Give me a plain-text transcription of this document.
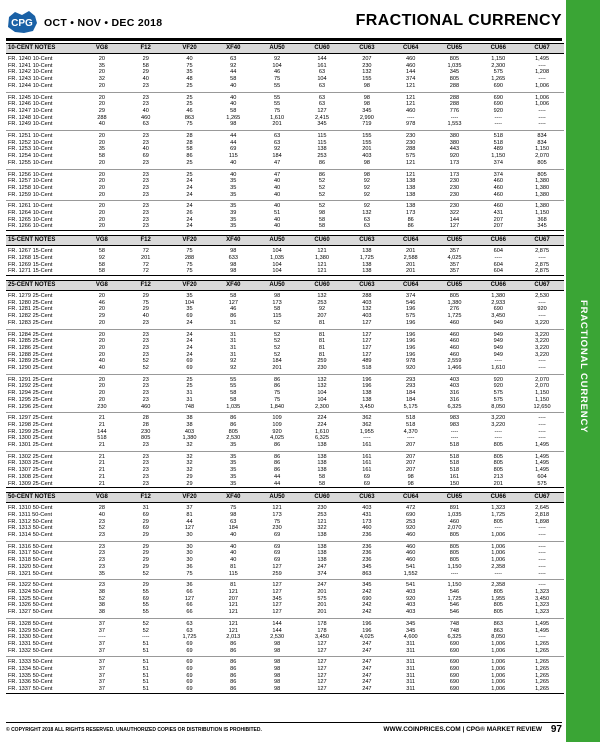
CPG OCT • NOV • DEC 2018	FRACTIONAL CURRENCY
10-CENT NOTES	VG8	F12	VF20	XF40	AU50	CU60	CU63	CU64	CU65	CU66	CU67
FR. 1240 10-Cent	20	29	40	63	92	144	207	460	805	1,150	1,495
FR. 1241 10-Cent	35	58	75	92	104	161	230	460	1,035	2,300	----
FR. 1242 10-Cent	20	29	35	44	46	63	132	144	345	575	1,208
FR. 1243 10-Cent	32	40	48	58	75	104	155	374	805	1,265	----
FR. 1244 10-Cent	20	23	25	40	55	63	98	121	288	690	1,006
FR. 1245 10-Cent	20	23	25	40	55	63	98	121	288	690	1,006
FR. 1246 10-Cent	20	23	25	40	55	63	98	121	288	690	1,006
FR. 1247 10-Cent	29	40	46	58	75	127	345	460	776	920	----
FR. 1248 10-Cent	288	460	863	1,265	1,610	2,415	2,990	----	----	----	----
FR. 1249 10-Cent	40	63	75	98	201	345	719	978	1,553	----	----
FR. 1251 10-Cent	20	23	28	44	63	115	155	230	380	518	834
FR. 1252 10-Cent	20	23	28	44	63	115	155	230	380	518	834
FR. 1253 10-Cent	35	40	58	69	92	138	201	288	443	489	1,150
FR. 1254 10-Cent	58	69	86	115	184	253	403	575	920	1,150	2,070
FR. 1255 10-Cent	20	23	25	40	47	86	98	121	173	374	805
FR. 1256 10-Cent	20	23	25	40	47	86	98	121	173	374	805
FR. 1257 10-Cent	20	23	24	35	40	52	92	138	230	460	1,380
FR. 1258 10-Cent	20	23	24	35	40	52	92	138	230	460	1,380
FR. 1259 10-Cent	20	23	24	35	40	52	92	138	230	460	1,380
FR. 1261 10-Cent	20	23	24	35	40	52	92	138	230	460	1,380
FR. 1264 10-Cent	20	23	26	39	51	98	132	173	322	431	1,150
FR. 1265 10-Cent	20	23	24	35	40	58	63	86	144	207	368
FR. 1266 10-Cent	20	23	24	35	40	58	63	86	127	207	345
15-CENT NOTES	VG8	F12	VF20	XF40	AU50	CU60	CU63	CU64	CU65	CU66	CU67
FR. 1267 15-Cent	58	72	75	98	104	121	138	201	357	604	2,875
FR. 1268 15-Cent	92	201	288	633	1,035	1,380	1,725	2,588	4,025	----	----
FR. 1269 15-Cent	58	72	75	98	104	121	138	201	357	604	2,875
FR. 1271 15-Cent	58	72	75	98	104	121	138	201	357	604	2,875
25-CENT NOTES	VG8	F12	VF20	XF40	AU50	CU60	CU63	CU64	CU65	CU66	CU67
FR. 1279 25-Cent	20	29	35	58	98	132	288	374	805	1,380	2,530
FR. 1280 25-Cent	46	75	104	127	173	253	403	546	1,380	2,933	----
FR. 1281 25-Cent	20	29	35	46	58	92	132	196	276	690	920
FR. 1282 25-Cent	29	40	69	86	115	207	403	575	1,725	3,450	----
FR. 1283 25-Cent	20	23	24	31	52	81	127	196	460	949	3,220
FR. 1284 25-Cent	20	23	24	31	52	81	127	196	460	949	3,220
FR. 1285 25-Cent	20	23	24	31	52	81	127	196	460	949	3,220
FR. 1286 25-Cent	20	23	24	31	52	81	127	196	460	949	3,220
FR. 1288 25-Cent	20	23	24	31	52	81	127	196	460	949	3,220
FR. 1289 25-Cent	40	52	69	92	184	259	489	978	2,559	----	----
FR. 1290 25-Cent	40	52	69	92	201	230	518	920	1,466	1,610	----
FR. 1291 25-Cent	20	23	25	55	86	132	196	293	403	920	2,070
FR. 1292 25-Cent	20	23	25	55	86	132	196	293	403	920	2,070
FR. 1294 25-Cent	20	23	31	58	75	104	138	184	316	575	1,150
FR. 1295 25-Cent	20	23	31	58	75	104	138	184	316	575	1,150
FR. 1296 25-Cent	230	460	748	1,035	1,840	2,300	3,450	5,175	6,325	8,050	12,650
FR. 1297 25-Cent	21	28	38	86	109	224	362	518	983	3,220	----
FR. 1298 25-Cent	21	28	38	86	109	224	362	518	983	3,220	----
FR. 1299 25-Cent	144	230	403	805	920	1,610	1,955	4,370	----	----	----
FR. 1300 25-Cent	518	805	1,380	2,530	4,025	6,325	----	----	----	----	----
FR. 1301 25-Cent	21	23	32	35	86	138	161	207	518	805	1,495
FR. 1302 25-Cent	21	23	32	35	86	138	161	207	518	805	1,495
FR. 1303 25-Cent	21	23	32	35	86	138	161	207	518	805	1,495
FR. 1307 25-Cent	21	23	32	35	86	138	161	207	518	805	1,495
FR. 1308 25-Cent	21	23	29	35	44	58	69	98	161	213	604
FR. 1309 25-Cent	21	23	29	35	44	58	69	98	150	201	575
50-CENT NOTES	VG8	F12	VF20	XF40	AU50	CU60	CU63	CU64	CU65	CU66	CU67
FR. 1310 50-Cent	28	31	37	75	121	230	403	472	891	1,323	2,645
FR. 1311 50-Cent	40	69	81	98	173	253	431	690	1,035	1,725	2,818
FR. 1312 50-Cent	23	29	44	63	75	121	173	253	460	805	1,898
FR. 1313 50-Cent	52	69	127	184	230	322	460	920	2,070	----	----
FR. 1314 50-Cent	23	29	30	40	69	138	236	460	805	1,006	----
FR. 1316 50-Cent	23	29	30	40	69	138	236	460	805	1,006	----
FR. 1317 50-Cent	23	29	30	40	69	138	236	460	805	1,006	----
FR. 1318 50-Cent	23	29	30	40	69	138	236	460	805	1,006	----
FR. 1320 50-Cent	23	29	36	81	127	247	345	541	1,150	2,358	----
FR. 1321 50-Cent	35	52	75	115	259	374	863	1,552	----	----	----
FR. 1322 50-Cent	23	29	36	81	127	247	345	541	1,150	2,358	----
FR. 1324 50-Cent	38	55	66	121	127	201	242	403	546	805	1,323
FR. 1325 50-Cent	52	69	127	207	345	575	690	920	1,725	1,955	3,450
FR. 1326 50-Cent	38	55	66	121	127	201	242	403	546	805	1,323
FR. 1327 50-Cent	38	55	66	121	127	201	242	403	546	805	1,323
FR. 1328 50-Cent	37	52	63	121	144	178	196	345	748	863	1,495
FR. 1329 50-Cent	37	52	63	121	144	178	196	345	748	863	1,495
FR. 1330 50-Cent	----	----	1,725	2,013	2,530	3,450	4,025	4,600	6,325	8,050	----
FR. 1331 50-Cent	37	51	69	86	98	127	247	311	690	1,006	1,265
FR. 1332 50-Cent	37	51	69	86	98	127	247	311	690	1,006	1,265
FR. 1333 50-Cent	37	51	69	86	98	127	247	311	690	1,006	1,265
FR. 1334 50-Cent	37	51	69	86	98	127	247	311	690	1,006	1,265
FR. 1335 50-Cent	37	51	69	86	98	127	247	311	690	1,006	1,265
FR. 1336 50-Cent	37	51	69	86	98	127	247	311	690	1,006	1,265
FR. 1337 50-Cent	37	51	69	86	98	127	247	311	690	1,006	1,265
© COPYRIGHT 2018 ALL RIGHTS RESERVED. UNAUTHORIZED COPIES OR DISTRIBUTION IS PROHIBITED.	WWW.COINPRICES.COM | CPG® MARKET REVIEW 97
FRACTIONAL CURRENCY
